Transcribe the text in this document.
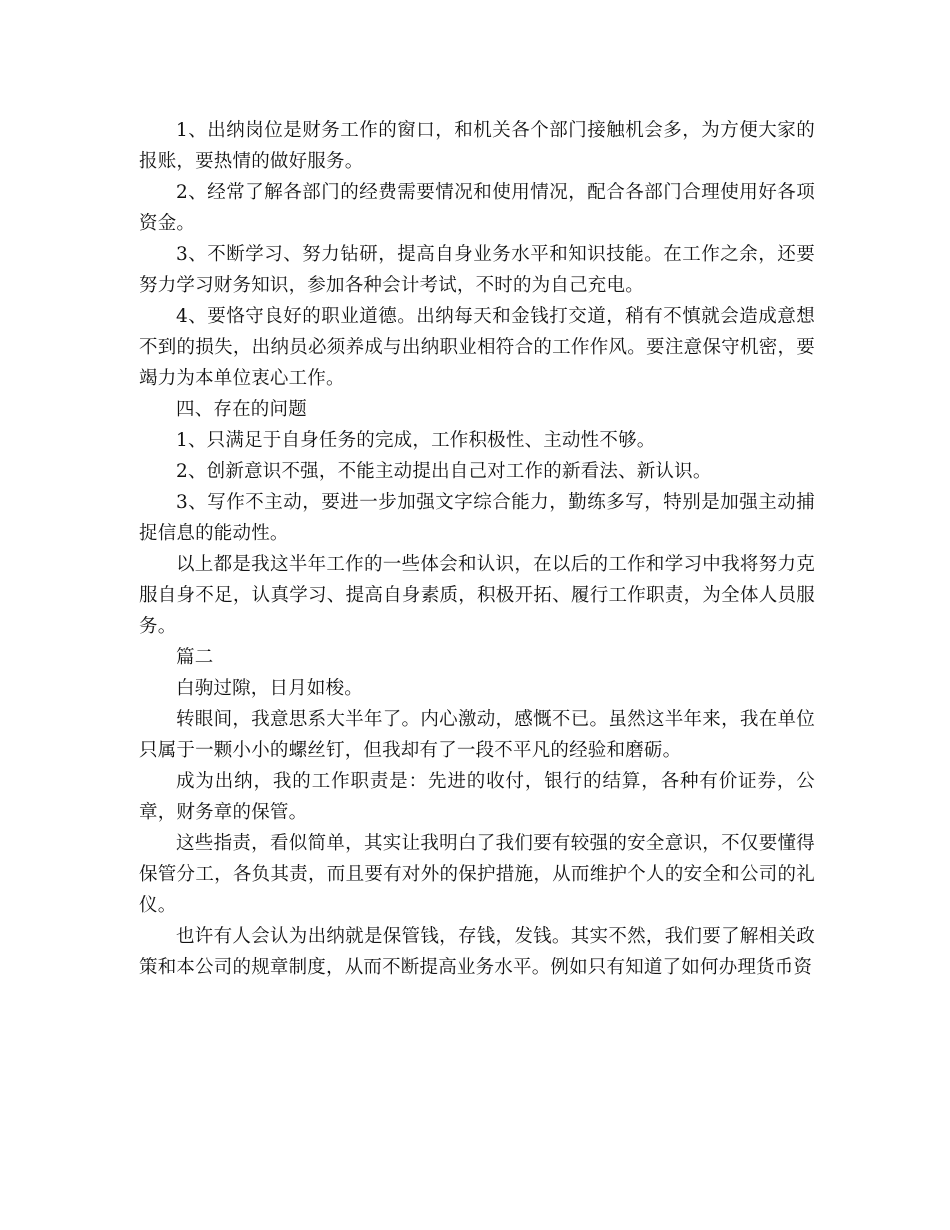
1、出纳岗位是财务工作的窗口，和机关各个部门接触机会多，为方便大家的报账，要热情的做好服务。

2、经常了解各部门的经费需要情况和使用情况，配合各部门合理使用好各项资金。

3、不断学习、努力钻研，提高自身业务水平和知识技能。在工作之余，还要努力学习财务知识，参加各种会计考试，不时的为自己充电。

4、要恪守良好的职业道德。出纳每天和金钱打交道，稍有不慎就会造成意想不到的损失，出纳员必须养成与出纳职业相符合的工作作风。要注意保守机密，要竭力为本单位衷心工作。

四、存在的问题

1、只满足于自身任务的完成，工作积极性、主动性不够。

2、创新意识不强，不能主动提出自己对工作的新看法、新认识。

3、写作不主动，要进一步加强文字综合能力，勤练多写，特别是加强主动捕捉信息的能动性。

以上都是我这半年工作的一些体会和认识，在以后的工作和学习中我将努力克服自身不足，认真学习、提高自身素质，积极开拓、履行工作职责，为全体人员服务。

篇二

白驹过隙，日月如梭。

转眼间，我意思系大半年了。内心激动，感慨不已。虽然这半年来，我在单位只属于一颗小小的螺丝钉，但我却有了一段不平凡的经验和磨砺。

成为出纳，我的工作职责是：先进的收付，银行的结算，各种有价证券，公章，财务章的保管。

这些指责，看似简单，其实让我明白了我们要有较强的安全意识，不仅要懂得保管分工，各负其责，而且要有对外的保护措施，从而维护个人的安全和公司的礼仪。

也许有人会认为出纳就是保管钱，存钱，发钱。其实不然，我们要了解相关政策和本公司的规章制度，从而不断提高业务水平。例如只有知道了如何办理货币资
